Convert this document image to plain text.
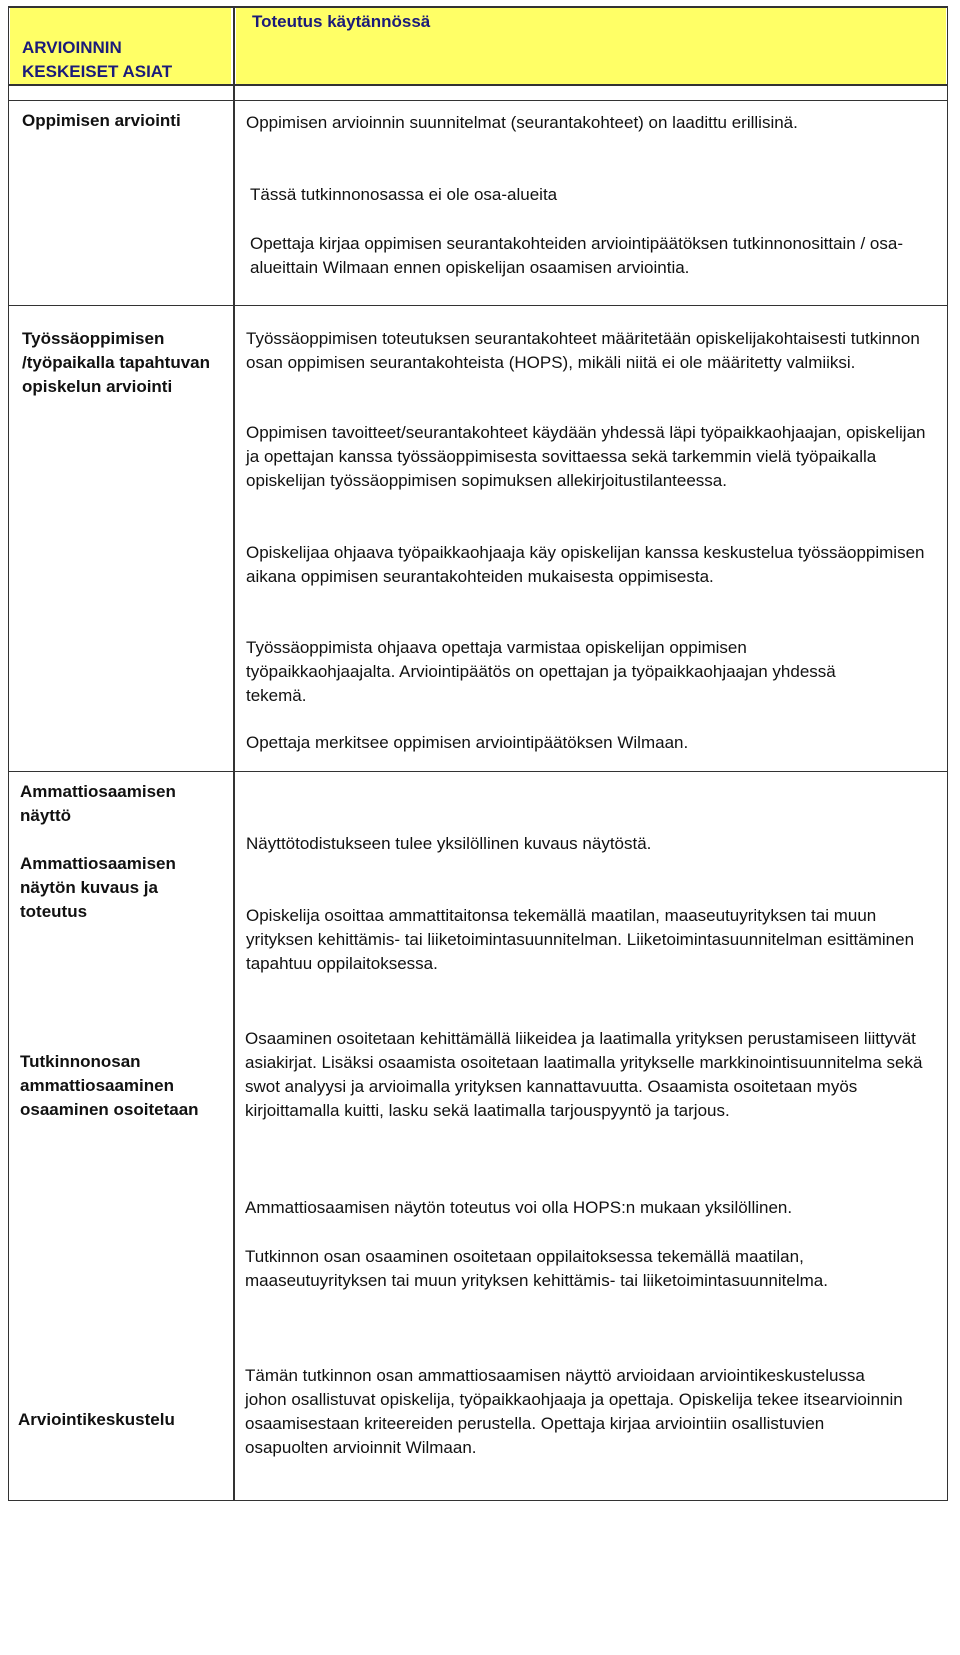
ARVIOINNIN KESKEISET ASIAT
Toteutus käytännössä
Oppimisen arviointi	Oppimisen arvioinnin suunnitelmat (seurantakohteet) on laadittu erillisinä.
Tässä tutkinnonosassa ei ole osa-alueita
Opettaja kirjaa oppimisen seurantakohteiden arviointipäätöksen tutkinnonosittain / osa-alueittain Wilmaan ennen opiskelijan osaamisen arviointia.
Työssäoppimisen /työpaikalla tapahtuvan opiskelun arviointi
Työssäoppimisen toteutuksen seurantakohteet määritetään opiskelijakohtaisesti tutkinnon osan oppimisen seurantakohteista (HOPS), mikäli niitä ei ole määritetty valmiiksi.
Oppimisen tavoitteet/seurantakohteet käydään yhdessä läpi työpaikkaohjaajan, opiskelijan ja opettajan kanssa työssäoppimisesta sovittaessa sekä tarkemmin vielä työpaikalla opiskelijan työssäoppimisen sopimuksen allekirjoitustilanteessa.
Opiskelijaa ohjaava työpaikkaohjaaja käy opiskelijan kanssa keskustelua työssäoppimisen aikana oppimisen seurantakohteiden mukaisesta oppimisesta.
Työssäoppimista ohjaava opettaja varmistaa opiskelijan oppimisen työpaikkaohjaajalta. Arviointipäätös on opettajan ja työpaikkaohjaajan yhdessä tekemä.
Opettaja merkitsee oppimisen arviointipäätöksen Wilmaan.
Ammattiosaamisen näyttö
Ammattiosaamisen näytön kuvaus ja toteutus
Tutkinnonosan ammattiosaaminen osaaminen osoitetaan
Arviointikeskustelu
Näyttötodistukseen tulee yksilöllinen kuvaus näytöstä.
Opiskelija osoittaa ammattitaitonsa tekemällä maatilan, maaseutuyrityksen tai muun yrityksen kehittämis- tai liiketoimintasuunnitelman. Liiketoimintasuunnitelman esittäminen tapahtuu oppilaitoksessa.
Osaaminen osoitetaan kehittämällä liikeidea ja laatimalla yrityksen perustamiseen liittyvät asiakirjat. Lisäksi osaamista osoitetaan laatimalla yritykselle markkinointisuunnitelma sekä swot analyysi ja arvioimalla yrityksen kannattavuutta. Osaamista osoitetaan myös kirjoittamalla kuitti, lasku sekä laatimalla tarjouspyyntö ja tarjous.
Ammattiosaamisen näytön toteutus voi olla HOPS:n mukaan yksilöllinen.
Tutkinnon osan osaaminen osoitetaan oppilaitoksessa tekemällä maatilan, maaseutuyrityksen tai muun yrityksen kehittämis- tai liiketoimintasuunnitelma.
Tämän tutkinnon osan ammattiosaamisen näyttö arvioidaan arviointikeskustelussa johon osallistuvat opiskelija, työpaikkaohjaaja ja opettaja. Opiskelija tekee itsearvioinnin osaamisestaan kriteereiden perustella. Opettaja kirjaa arviointiin osallistuvien osapuolten arvioinnit Wilmaan.
